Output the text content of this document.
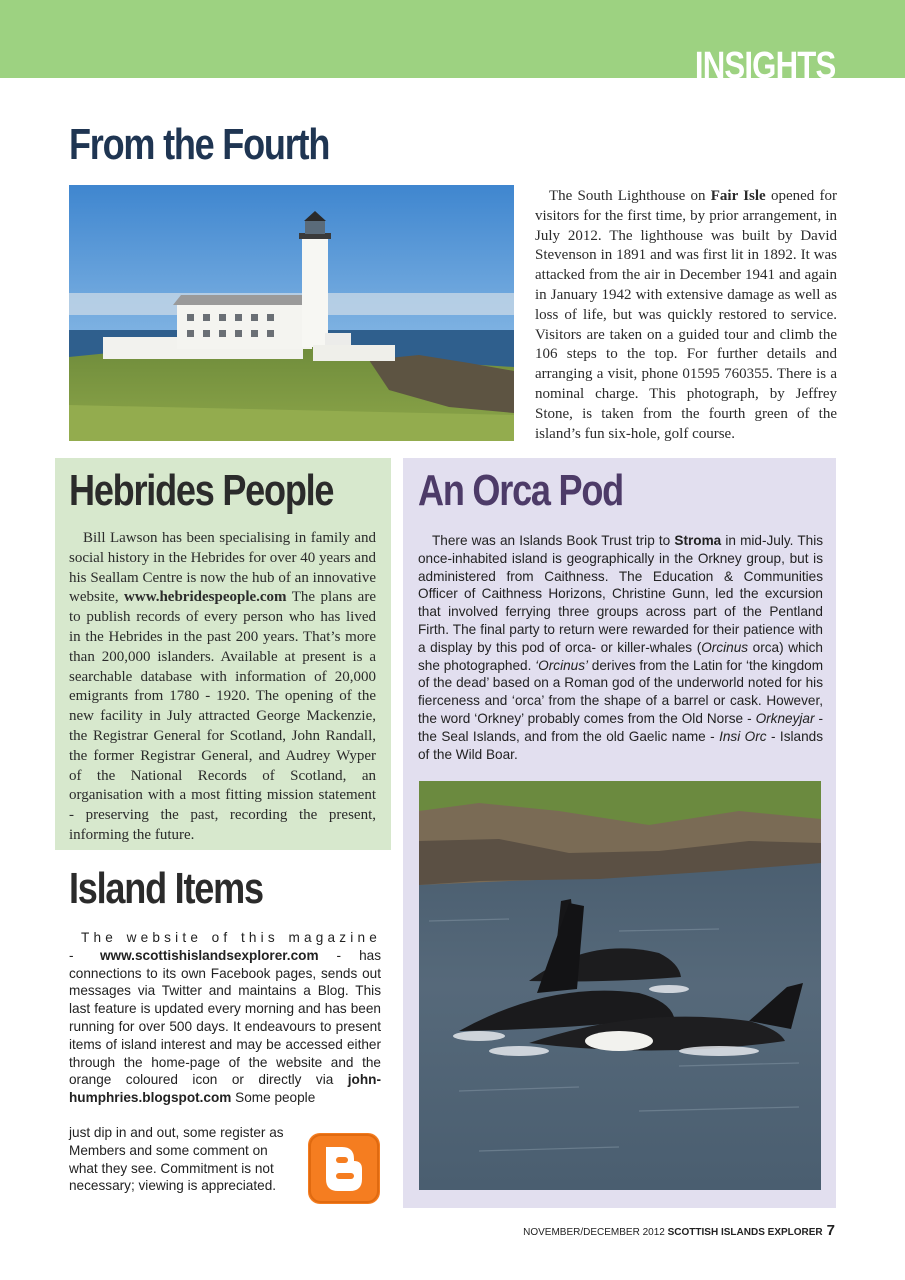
INSIGHTS
From the Fourth

The South Lighthouse on Fair Isle opened for visitors for the first time, by prior arrangement, in July 2012. The lighthouse was built by David Stevenson in 1891 and was first lit in 1892. It was attacked from the air in December 1941 and again in January 1942 with extensive damage as well as loss of life, but was quickly restored to service. Visitors are taken on a guided tour and climb the 106 steps to the top. For further details and arranging a visit, phone 01595 760355. There is a nominal charge. This photograph, by Jeffrey Stone, is taken from the fourth green of the island’s fun six-hole, golf course.

Hebrides People

Bill Lawson has been specialising in family and social history in the Hebrides for over 40 years and his Seallam Centre is now the hub of an innovative website, www.hebridespeople.com The plans are to publish records of every person who has lived in the Hebrides in the past 200 years. That’s more than 200,000 islanders. Available at present is a searchable database with information of 20,000 emigrants from 1780 - 1920. The opening of the new facility in July attracted George Mackenzie, the Registrar General for Scotland, John Randall, the former Registrar General, and Audrey Wyper of the National Records of Scotland, an organisation with a most fitting mission statement - preserving the past, recording the present, informing the future.

An Orca Pod

There was an Islands Book Trust trip to Stroma in mid-July. This once-inhabited island is geographically in the Orkney group, but is administered from Caithness. The Education & Communities Officer of Caithness Horizons, Christine Gunn, led the excursion that involved ferrying three groups across part of the Pentland Firth. The final party to return were rewarded for their patience with a display by this pod of orca- or killer-whales (Orcinus orca) which she photographed. ‘Orcinus’ derives from the Latin for ‘the kingdom of the dead’ based on a Roman god of the underworld noted for his fierceness and ‘orca’ from the shape of a barrel or cask. However, the word ‘Orkney’ probably comes from the Old Norse - Orkneyjar - the Seal Islands, and from the old Gaelic name - Insi Orc - Islands of the Wild Boar.

Island Items

The website of this magazine - www.scottishislandsexplorer.com - has connections to its own Facebook pages, sends out messages via Twitter and maintains a Blog. This last feature is updated every morning and has been running for over 500 days. It endeavours to present items of island interest and may be accessed either through the home-page of the website and the orange coloured icon or directly via john-humphries.blogspot.com Some people

just dip in and out, some register as Members and some comment on what they see. Commitment is not necessary; viewing is appreciated.
NOVEMBER/DECEMBER 2012 SCOTTISH ISLANDS EXPLORER 7
